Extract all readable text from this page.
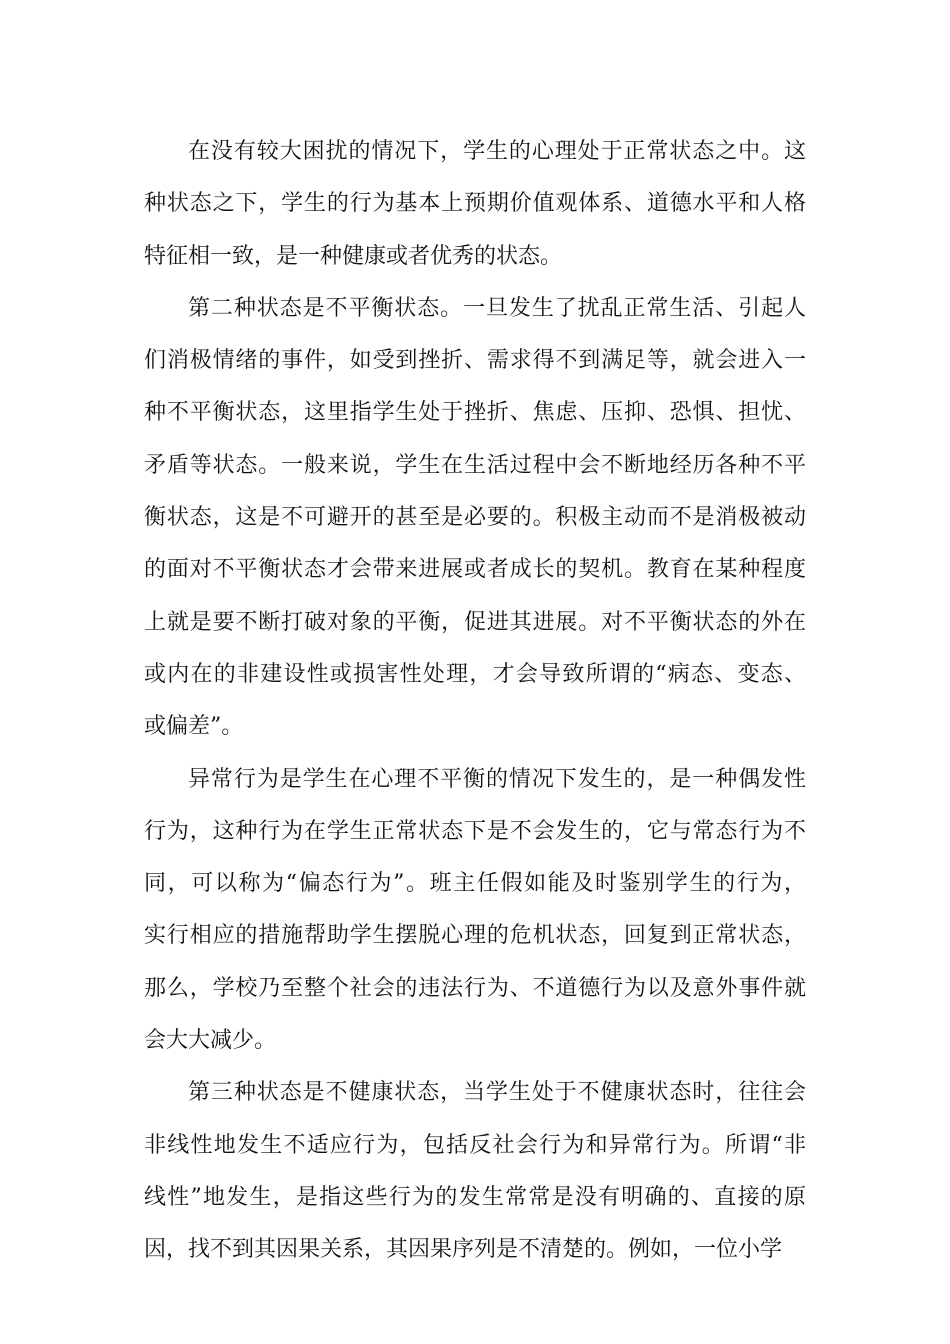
在没有较大困扰的情况下，学生的心理处于正常状态之中。这
种状态之下，学生的行为基本上预期价值观体系、道德水平和人格
特征相一致，是一种健康或者优秀的状态。
第二种状态是不平衡状态。一旦发生了扰乱正常生活、引起人
们消极情绪的事件，如受到挫折、需求得不到满足等，就会进入一
种不平衡状态，这里指学生处于挫折、焦虑、压抑、恐惧、担忧、
矛盾等状态。一般来说，学生在生活过程中会不断地经历各种不平
衡状态，这是不可避开的甚至是必要的。积极主动而不是消极被动
的面对不平衡状态才会带来进展或者成长的契机。教育在某种程度
上就是要不断打破对象的平衡，促进其进展。对不平衡状态的外在
或内在的非建设性或损害性处理，才会导致所谓的“病态、变态、
或偏差”。
异常行为是学生在心理不平衡的情况下发生的，是一种偶发性
行为，这种行为在学生正常状态下是不会发生的，它与常态行为不
同，可以称为“偏态行为”。班主任假如能及时鉴别学生的行为，
实行相应的措施帮助学生摆脱心理的危机状态，回复到正常状态，
那么，学校乃至整个社会的违法行为、不道德行为以及意外事件就
会大大减少。
第三种状态是不健康状态，当学生处于不健康状态时，往往会
非线性地发生不适应行为，包括反社会行为和异常行为。所谓“非
线性”地发生，是指这些行为的发生常常是没有明确的、直接的原
因，找不到其因果关系，其因果序列是不清楚的。例如，一位小学
